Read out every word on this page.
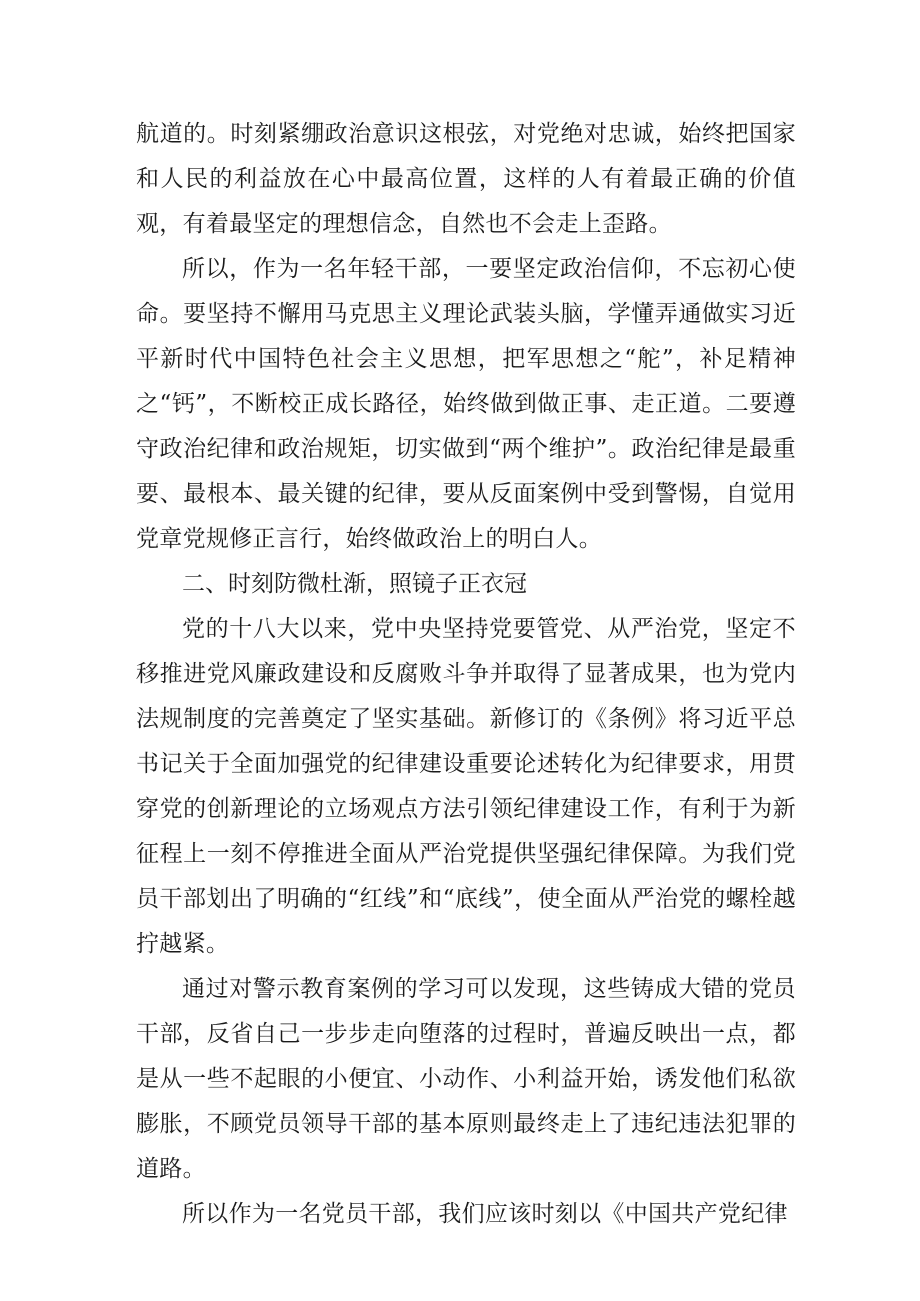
航道的。时刻紧绷政治意识这根弦，对党绝对忠诚，始终把国家和人民的利益放在心中最高位置，这样的人有着最正确的价值观，有着最坚定的理想信念，自然也不会走上歪路。

所以，作为一名年轻干部，一要坚定政治信仰，不忘初心使命。要坚持不懈用马克思主义理论武装头脑，学懂弄通做实习近平新时代中国特色社会主义思想，把军思想之“舵”，补足精神之“钙”，不断校正成长路径，始终做到做正事、走正道。二要遵守政治纪律和政治规矩，切实做到“两个维护”。政治纪律是最重要、最根本、最关键的纪律，要从反面案例中受到警惕，自觉用党章党规修正言行，始终做政治上的明白人。

二、时刻防微杜渐，照镜子正衣冠

党的十八大以来，党中央坚持党要管党、从严治党，坚定不移推进党风廉政建设和反腐败斗争并取得了显著成果，也为党内法规制度的完善奠定了坚实基础。新修订的《条例》将习近平总书记关于全面加强党的纪律建设重要论述转化为纪律要求，用贯穿党的创新理论的立场观点方法引领纪律建设工作，有利于为新征程上一刻不停推进全面从严治党提供坚强纪律保障。为我们党员干部划出了明确的“红线”和“底线”，使全面从严治党的螺栓越拧越紧。

通过对警示教育案例的学习可以发现，这些铸成大错的党员干部，反省自己一步步走向堕落的过程时，普遍反映出一点，都是从一些不起眼的小便宜、小动作、小利益开始，诱发他们私欲膨胀，不顾党员领导干部的基本原则最终走上了违纪违法犯罪的道路。

所以作为一名党员干部，我们应该时刻以《中国共产党纪律
